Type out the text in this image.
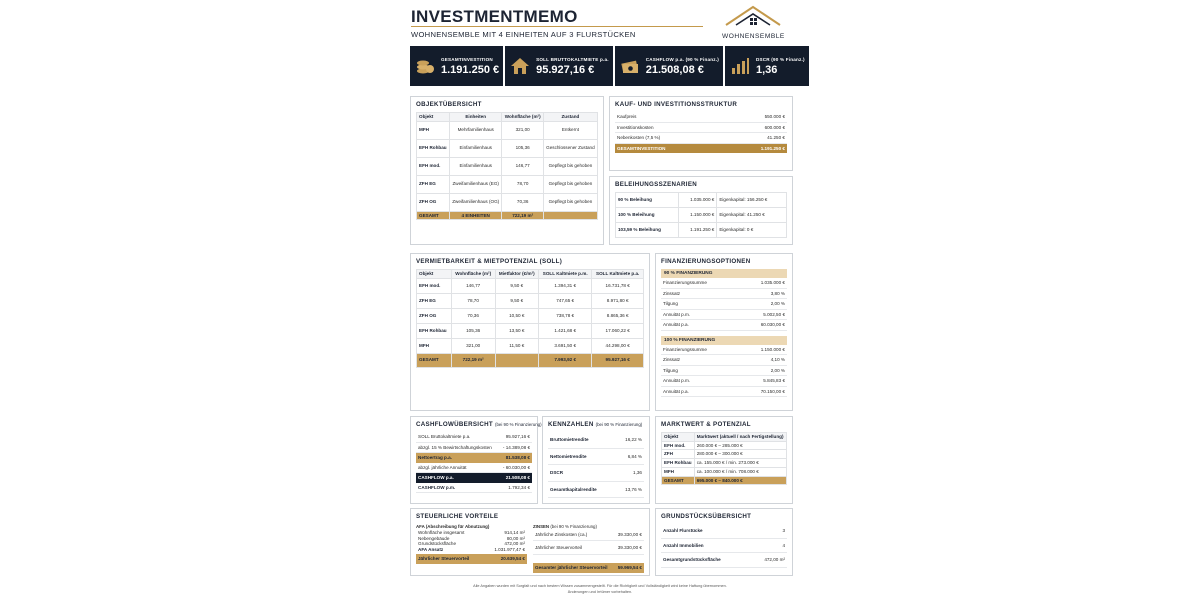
INVESTMENTMEMO
WOHNENSEMBLE MIT 4 EINHEITEN AUF 3 FLURSTÜCKEN	WOHNENSEMBLE
GESAMTINVESTITION
1.191.250 €
SOLL BRUTTOKALTMIETE p.a.
95.927,16 €
CASHFLOW p.a. (90 % Finanz.)
21.508,08 €
DSCR (90 % Finanz.)
1,36
OBJEKTÜBERSICHT
Objekt	Einheiten	Wohnfläche (m²)	Zustand
MFH	Mehrfamilienhaus	321,00	Entkernt
EFH Rohbau	Einfamilienhaus	105,36	Geschlossener Zustand
EFH mod.	Einfamilienhaus	146,77	Gepflegt bis gehoben
ZFH EG	Zweifamilienhaus (EG)	78,70	Gepflegt bis gehoben
ZFH OG	Zweifamilienhaus (OG)	70,36	Gepflegt bis gehoben
GESAMT	4 EINHEITEN	722,19 m²	
KAUF- UND INVESTITIONSSTRUKTUR
Kaufpreis	550.000 €
Investitionskosten	600.000 €
Nebenkosten (7,5 %)	41.250 €
GESAMTINVESTITION	1.191.250 €
BELEIHUNGSSZENARIEN
90 % Beleihung	1.035.000 €	Eigenkapital: 156.250 €
100 % Beleihung	1.150.000 €	Eigenkapital: 41.250 €
103,59 % Beleihung	1.191.250 €	Eigenkapital: 0 €
VERMIETBARKEIT & MIETPOTENZIAL (SOLL)
Objekt	Wohnfläche (m²)	Mietfaktor (€/m²)	SOLL Kaltmiete p.m.	SOLL Kaltmiete p.a.
EFH mod.	146,77	9,50 €	1.394,31 €	16.731,78 €
ZFH EG	78,70	9,50 €	747,65 €	8.971,80 €
ZFH OG	70,36	10,50 €	738,78 €	8.865,36 €
EFH Rohbau	105,36	13,50 €	1.421,68 €	17.060,22 €
MFH	321,00	11,50 €	3.691,50 €	44.298,00 €
GESAMT	722,19 m²		7.993,92 €	95.927,16 €
FINANZIERUNGSOPTIONEN
90 % FINANZIERUNG
Finanzierungssumme	1.035.000 €
Zinssatz	3,80 %
Tilgung	2,00 %
Annuität p.m.	5.002,50 €
Annuität p.a.	60.030,00 €
100 % FINANZIERUNG
Finanzierungssumme	1.150.000 €
Zinssatz	4,10 %
Tilgung	2,00 %
Annuität p.m.	5.845,83 €
Annuität p.a.	70.150,00 €
CASHFLOWÜBERSICHT (bei 90 % Finanzierung)
SOLL Bruttokaltmiete p.a.	95.927,16 €
abzgl. 15 % Bewirtschaftungskosten - 14.389,08 €
Nettoertrag p.a.	81.538,08 €
abzgl. jährliche Annuität	- 60.030,00 €
CASHFLOW p.a.	21.508,08 €
CASHFLOW p.m.	1.792,34 €
KENNZAHLEN (bei 90 % Finanzierung)
Bruttomietrendite	16,22 %
Nettomietrendite	6,84 %
DSCR	1,36
Gesamtkapitalrendite	13,76 %
MARKTWERT & POTENZIAL
Objekt	Marktwert (aktuell / nach Fertigstellung)
EFH mod.	260.000 € – 285.000 €
ZFH	280.000 € – 300.000 €
EFH Rohbau	ca. 155.000 € / min. 273.000 €
MFH	ca. 100.000 € / min. 708.000 €
GESAMT	695.000 € – 840.000 €
STEUERLICHE VORTEILE
AFA (Abschreibung für Abnutzung)
Wohnfläche insgesamt	914,14 m²
Nebengebäude	80,00 m²
Grundstücksfläche	472,00 m²
AFA Ansatz	1.031.977,47 €
Jährlicher Steuervorteil	20.639,54 €
ZINSEN (bei 90 % Finanzierung)
Jährliche Zinskosten (ca.)	39.330,00 €
Jährlicher Steuervorteil	39.330,00 €
Gesamter jährlicher Steuervorteil 59.969,54 €
GRUNDSTÜCKSÜBERSICHT
Anzahl Flurstücke	3
Anzahl Immobilien	4
Gesamtgrundstücksfläche	472,00 m²
Alle Angaben wurden mit Sorgfalt und nach bestem Wissen zusammengestellt. Für die Richtigkeit und Vollständigkeit wird keine Haftung übernommen.
Änderungen und Irrtümer vorbehalten.
